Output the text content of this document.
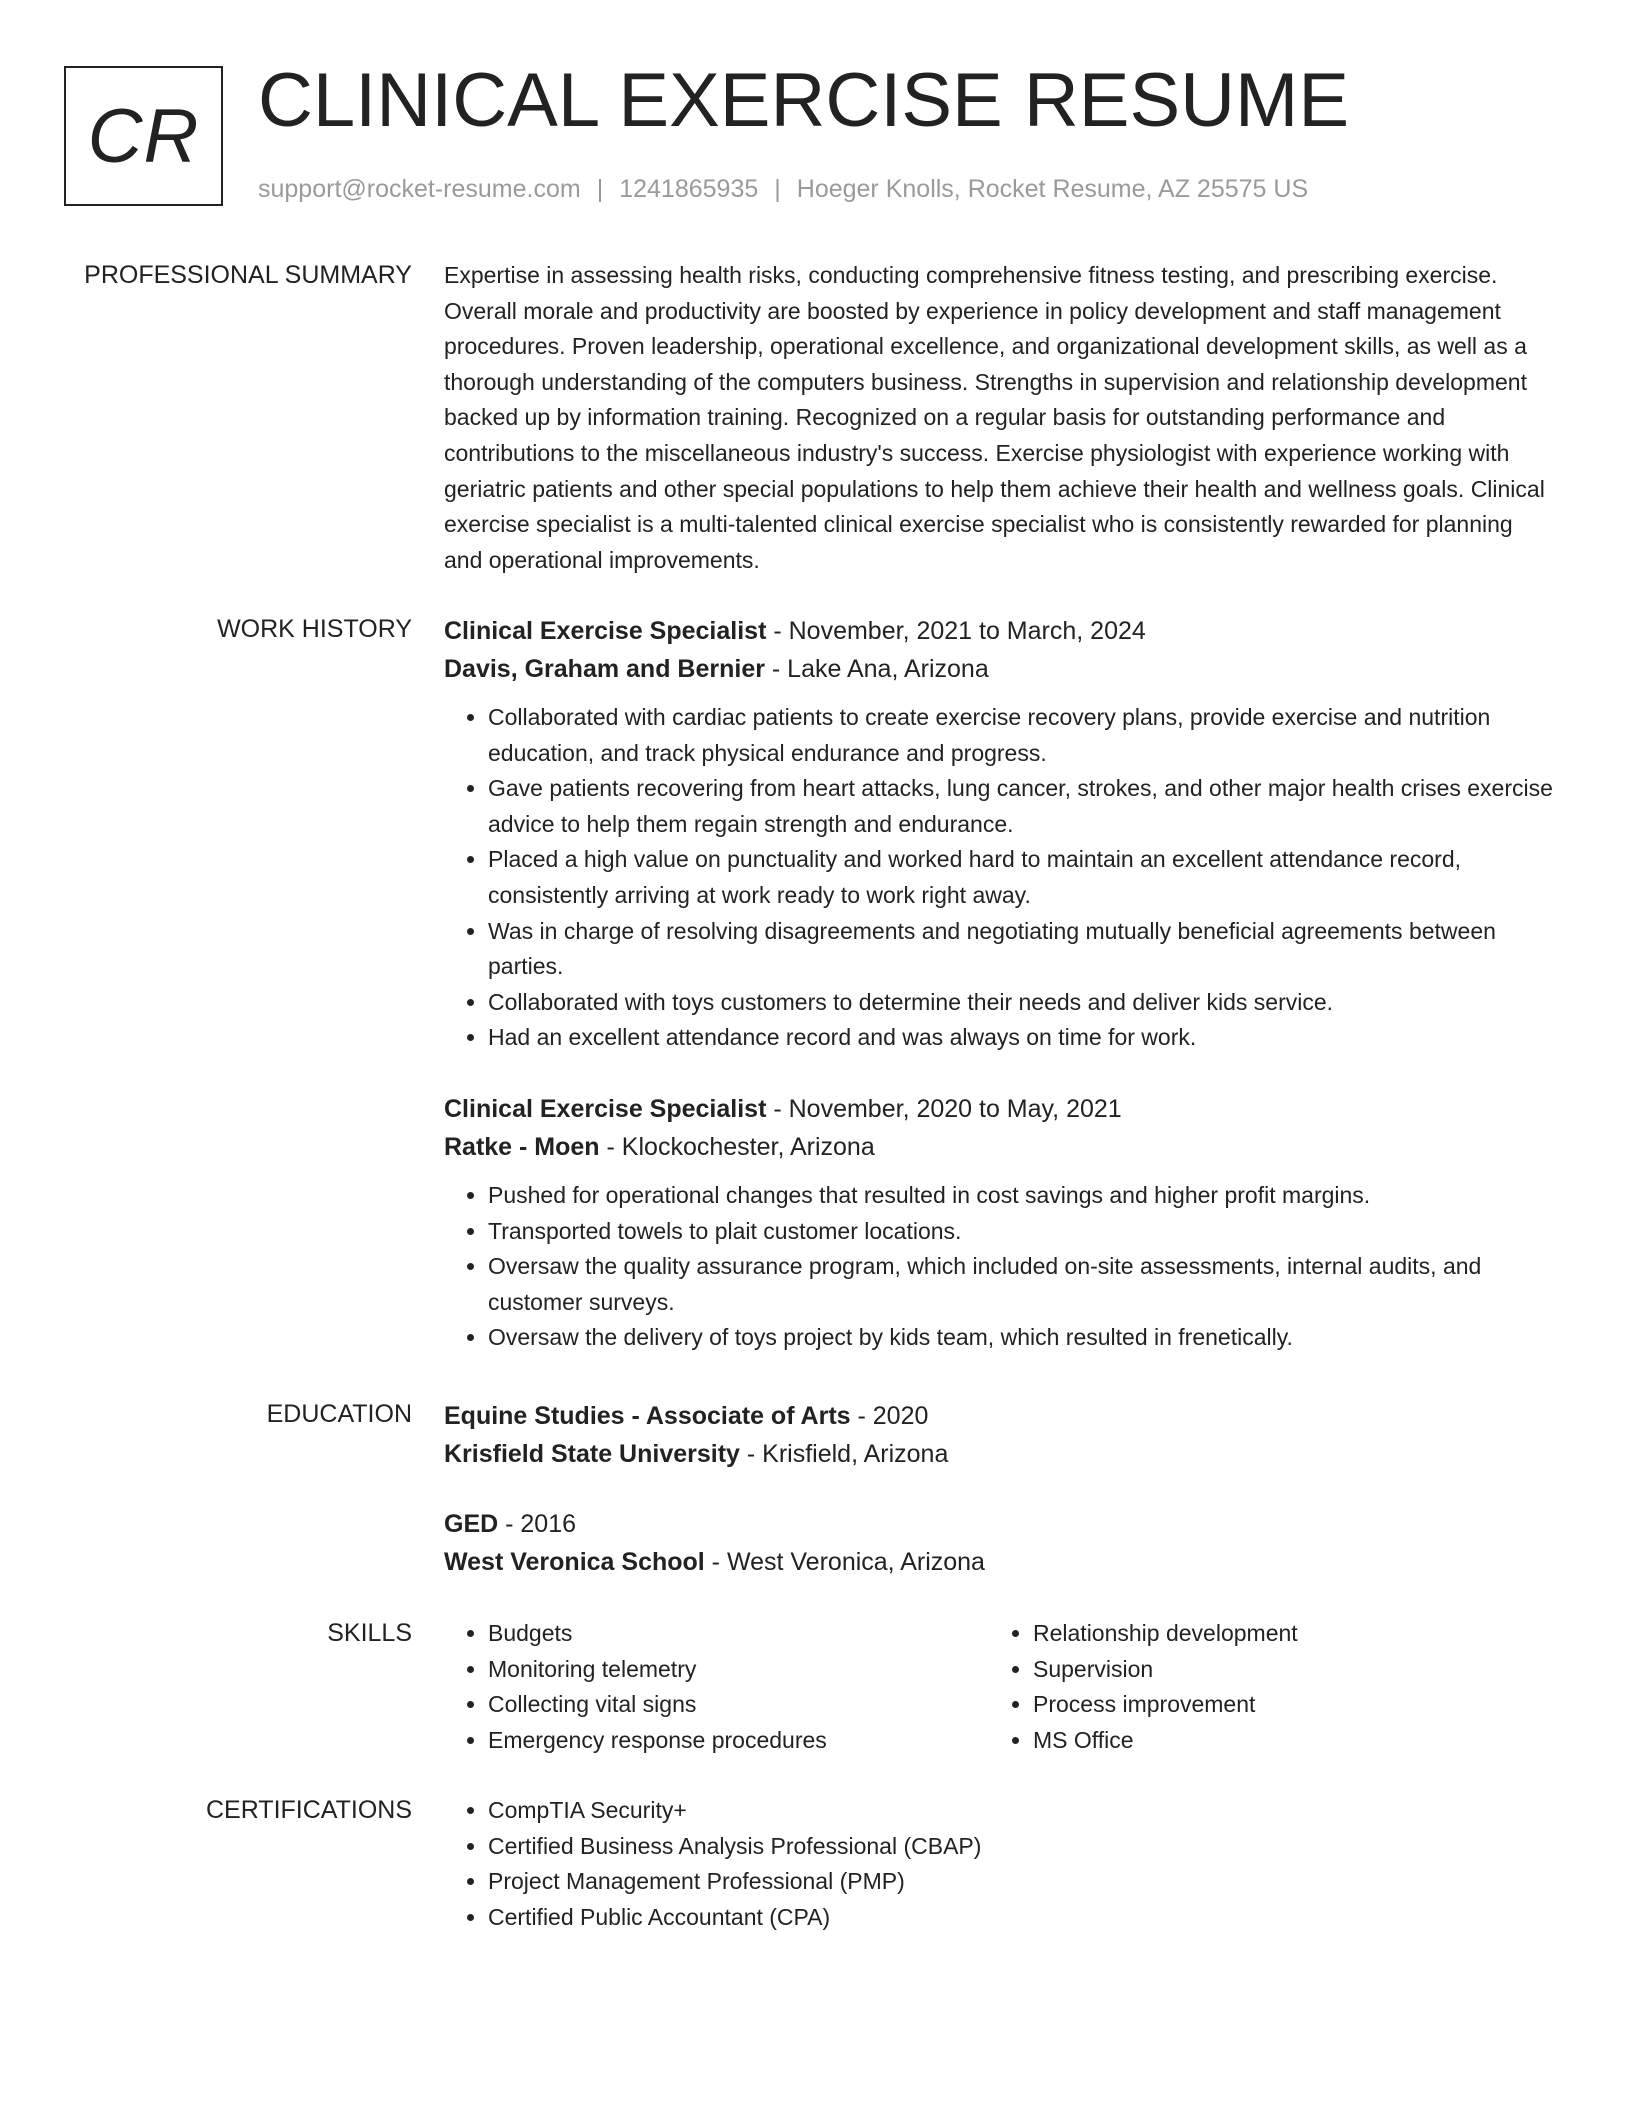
CR CLINICAL EXERCISE RESUME
support@rocket-resume.com | 1241865935 | Hoeger Knolls, Rocket Resume, AZ 25575 US
PROFESSIONAL SUMMARY Expertise in assessing health risks, conducting comprehensive fitness testing, and prescribing exercise. Overall morale and productivity are boosted by experience in policy development and staff management procedures. Proven leadership, operational excellence, and organizational development skills, as well as a thorough understanding of the computers business. Strengths in supervision and relationship development backed up by information training. Recognized on a regular basis for outstanding performance and contributions to the miscellaneous industry's success. Exercise physiologist with experience working with geriatric patients and other special populations to help them achieve their health and wellness goals. Clinical exercise specialist is a multi-talented clinical exercise specialist who is consistently rewarded for planning and operational improvements.

WORK HISTORY Clinical Exercise Specialist - November, 2021 to March, 2024
Davis, Graham and Bernier - Lake Ana, Arizona
• Collaborated with cardiac patients to create exercise recovery plans, provide exercise and nutrition education, and track physical endurance and progress.
• Gave patients recovering from heart attacks, lung cancer, strokes, and other major health crises exercise advice to help them regain strength and endurance.
• Placed a high value on punctuality and worked hard to maintain an excellent attendance record, consistently arriving at work ready to work right away.
• Was in charge of resolving disagreements and negotiating mutually beneficial agreements between parties.
• Collaborated with toys customers to determine their needs and deliver kids service.
• Had an excellent attendance record and was always on time for work.
Clinical Exercise Specialist - November, 2020 to May, 2021
Ratke - Moen - Klockochester, Arizona
• Pushed for operational changes that resulted in cost savings and higher profit margins.
• Transported towels to plait customer locations.
• Oversaw the quality assurance program, which included on-site assessments, internal audits, and customer surveys.
• Oversaw the delivery of toys project by kids team, which resulted in frenetically.
EDUCATION Equine Studies - Associate of Arts - 2020
Krisfield State University - Krisfield, Arizona
GED - 2016
West Veronica School - West Veronica, Arizona
SKILLS	• Budgets
• Monitoring telemetry
• Collecting vital signs
• Emergency response procedures
• Relationship development
• Supervision
• Process improvement
• MS Office
CERTIFICATIONS	• CompTIA Security+
• Certified Business Analysis Professional (CBAP)
• Project Management Professional (PMP)
• Certified Public Accountant (CPA)
